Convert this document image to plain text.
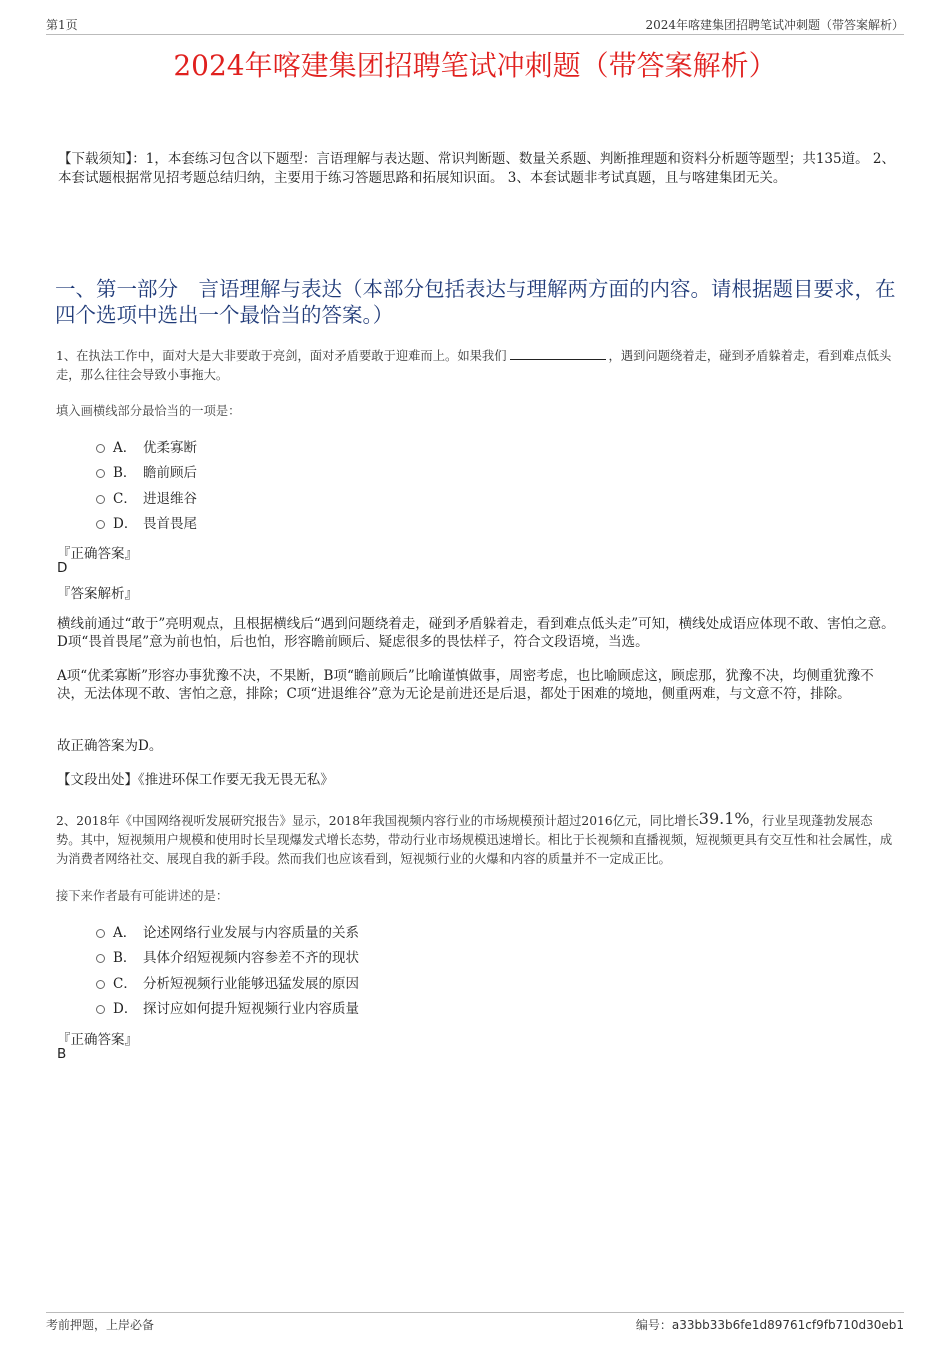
第1页	2024年喀建集团招聘笔试冲刺题（带答案解析）
2024年喀建集团招聘笔试冲刺题（带答案解析）
【下载须知】：1，本套练习包含以下题型：言语理解与表达题、常识判断题、数量关系题、判断推理题和资料分析题等题型；共135道。 2、本套试题根据常见招考题总结归纳，主要用于练习答题思路和拓展知识面。 3、本套试题非考试真题，且与喀建集团无关。
一、第一部分　言语理解与表达（本部分包括表达与理解两方面的内容。请根据题目要求，在四个选项中选出一个最恰当的答案。）
1、在执法工作中，面对大是大非要敢于亮剑，面对矛盾要敢于迎难而上。如果我们	，遇到问题绕着走，碰到矛盾躲着走，看到难点低头走，那么往往会导致小事拖大。
填入画横线部分最恰当的一项是：
A． 优柔寡断
B． 瞻前顾后
C． 进退维谷
D． 畏首畏尾
『正确答案』
D
『答案解析』
横线前通过“敢于”亮明观点，且根据横线后“遇到问题绕着走，碰到矛盾躲着走，看到难点低头走”可知，横线处成语应体现不敢、害怕之意。D项“畏首畏尾”意为前也怕，后也怕，形容瞻前顾后、疑虑很多的畏怯样子，符合文段语境，当选。
A项“优柔寡断”形容办事犹豫不决，不果断，B项“瞻前顾后”比喻谨慎做事，周密考虑，也比喻顾虑这，顾虑那，犹豫不决，均侧重犹豫不决，无法体现不敢、害怕之意，排除；C项“进退维谷”意为无论是前进还是后退，都处于困难的境地，侧重两难，与文意不符，排除。
故正确答案为D。
【文段出处】《推进环保工作要无我无畏无私》
2、2018年《中国网络视听发展研究报告》显示，2018年我国视频内容行业的市场规模预计超过2016亿元，同比增长39.1%，行业呈现蓬勃发展态势。其中，短视频用户规模和使用时长呈现爆发式增长态势，带动行业市场规模迅速增长。相比于长视频和直播视频，短视频更具有交互性和社会属性，成为消费者网络社交、展现自我的新手段。然而我们也应该看到，短视频行业的火爆和内容的质量并不一定成正比。
接下来作者最有可能讲述的是：
A． 论述网络行业发展与内容质量的关系
B． 具体介绍短视频内容参差不齐的现状
C． 分析短视频行业能够迅猛发展的原因
D． 探讨应如何提升短视频行业内容质量
『正确答案』
B
考前押题，上岸必备	编号：a33bb33b6fe1d89761cf9fb710d30eb1
